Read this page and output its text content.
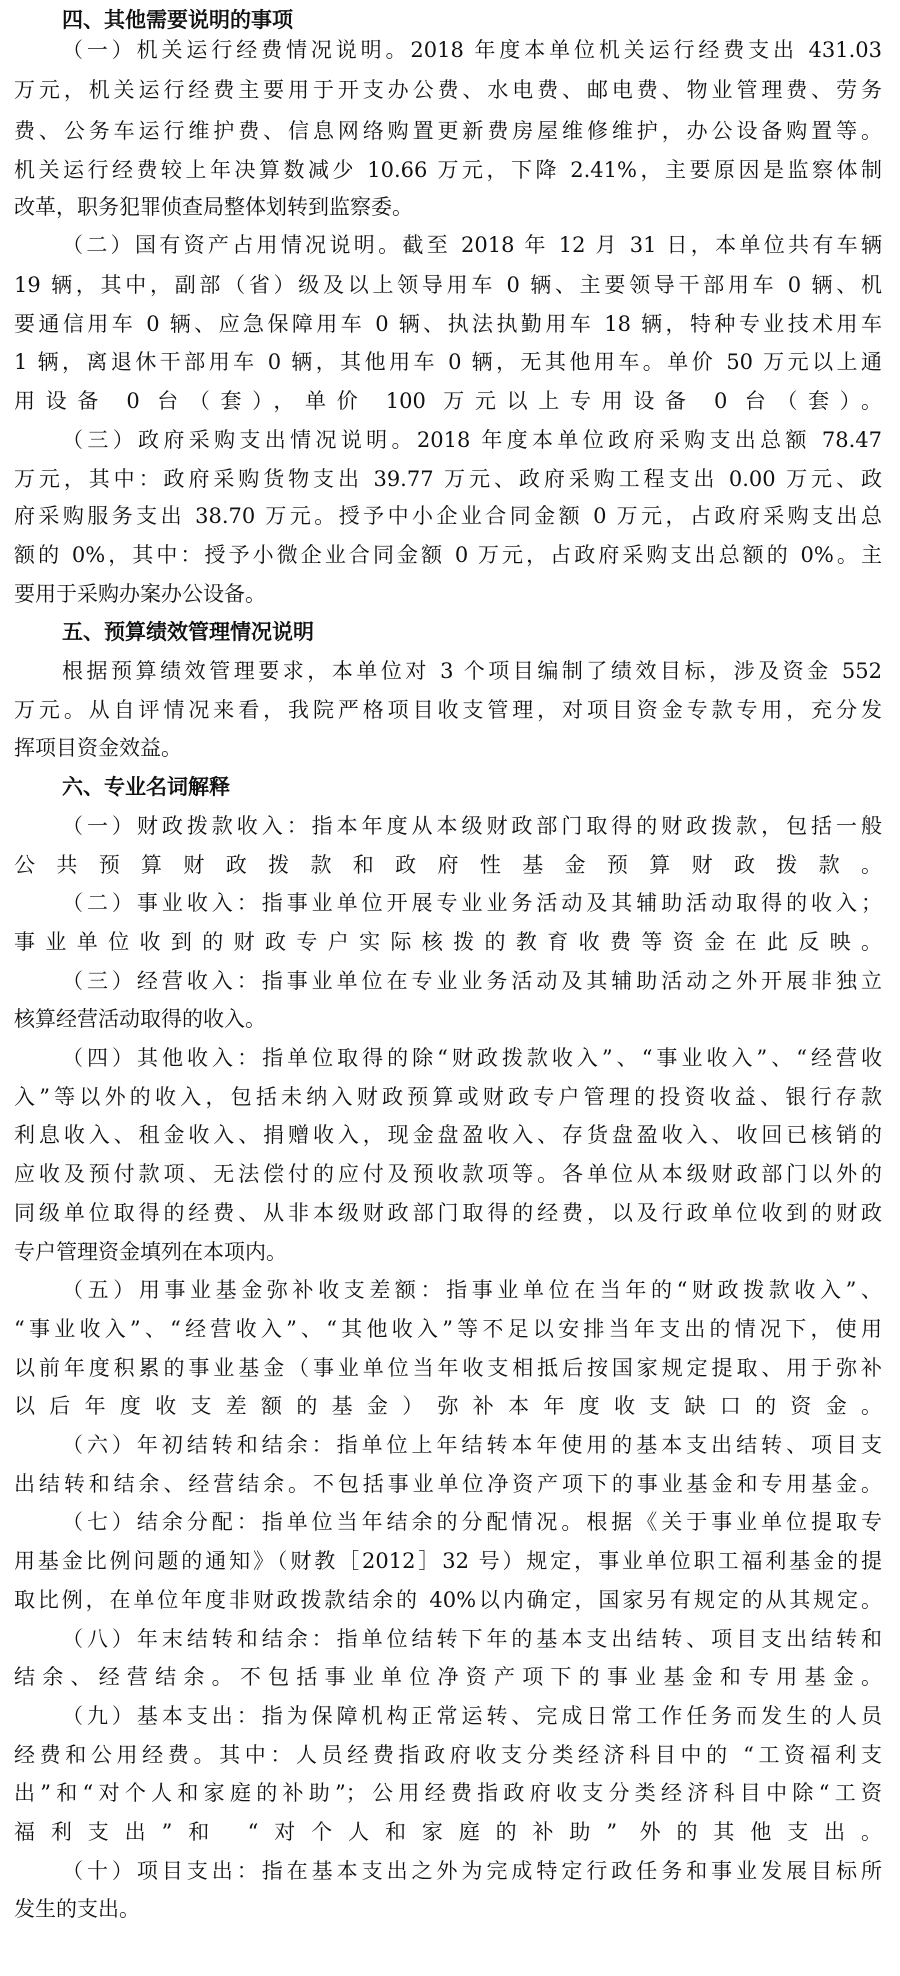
四、其他需要说明的事项
（一）机关运行经费情况说明。2018 年度本单位机关运行经费支出 431.03
万元，机关运行经费主要用于开支办公费、水电费、邮电费、物业管理费、劳务
费、公务车运行维护费、信息网络购置更新费房屋维修维护，办公设备购置等。
机关运行经费较上年决算数减少 10.66 万元，下降 2.41%，主要原因是监察体制
改革，职务犯罪侦查局整体划转到监察委。
（二）国有资产占用情况说明。截至 2018 年 12 月 31 日，本单位共有车辆
19 辆，其中，副部（省）级及以上领导用车 0 辆、主要领导干部用车 0 辆、机
要通信用车 0 辆、应急保障用车 0 辆、执法执勤用车 18 辆，特种专业技术用车
1 辆，离退休干部用车 0 辆，其他用车 0 辆，无其他用车。单价 50 万元以上通
用设备 0 台（套），单价 100 万元以上专用设备 0 台（套）。
（三）政府采购支出情况说明。2018 年度本单位政府采购支出总额 78.47
万元，其中：政府采购货物支出 39.77 万元、政府采购工程支出 0.00 万元、政
府采购服务支出 38.70 万元。授予中小企业合同金额 0 万元，占政府采购支出总
额的 0%，其中：授予小微企业合同金额 0 万元，占政府采购支出总额的 0%。主
要用于采购办案办公设备。
五、预算绩效管理情况说明
根据预算绩效管理要求，本单位对 3 个项目编制了绩效目标，涉及资金 552
万元。从自评情况来看，我院严格项目收支管理，对项目资金专款专用，充分发
挥项目资金效益。
六、专业名词解释
（一）财政拨款收入：指本年度从本级财政部门取得的财政拨款，包括一般
公共预算财政拨款和政府性基金预算财政拨款。
（二）事业收入：指事业单位开展专业业务活动及其辅助活动取得的收入；
事业单位收到的财政专户实际核拨的教育收费等资金在此反映。
（三）经营收入：指事业单位在专业业务活动及其辅助活动之外开展非独立
核算经营活动取得的收入。
（四）其他收入：指单位取得的除“财政拨款收入”、“事业收入”、“经营收
入”等以外的收入，包括未纳入财政预算或财政专户管理的投资收益、银行存款
利息收入、租金收入、捐赠收入，现金盘盈收入、存货盘盈收入、收回已核销的
应收及预付款项、无法偿付的应付及预收款项等。各单位从本级财政部门以外的
同级单位取得的经费、从非本级财政部门取得的经费，以及行政单位收到的财政
专户管理资金填列在本项内。
（五）用事业基金弥补收支差额：指事业单位在当年的“财政拨款收入”、
“事业收入”、“经营收入”、“其他收入”等不足以安排当年支出的情况下，使用
以前年度积累的事业基金（事业单位当年收支相抵后按国家规定提取、用于弥补
以后年度收支差额的基金）弥补本年度收支缺口的资金。
（六）年初结转和结余：指单位上年结转本年使用的基本支出结转、项目支
出结转和结余、经营结余。不包括事业单位净资产项下的事业基金和专用基金。
（七）结余分配：指单位当年结余的分配情况。根据《关于事业单位提取专
用基金比例问题的通知》（财教［2012］32 号）规定，事业单位职工福利基金的提
取比例，在单位年度非财政拨款结余的 40%以内确定，国家另有规定的从其规定。
（八）年末结转和结余：指单位结转下年的基本支出结转、项目支出结转和
结余、经营结余。不包括事业单位净资产项下的事业基金和专用基金。
（九）基本支出：指为保障机构正常运转、完成日常工作任务而发生的人员
经费和公用经费。其中：人员经费指政府收支分类经济科目中的 “工资福利支
出”和“对个人和家庭的补助”；公用经费指政府收支分类经济科目中除“工资
福利支出”和 “对个人和家庭的补助” 外的其他支出。
（十）项目支出：指在基本支出之外为完成特定行政任务和事业发展目标所
发生的支出。
